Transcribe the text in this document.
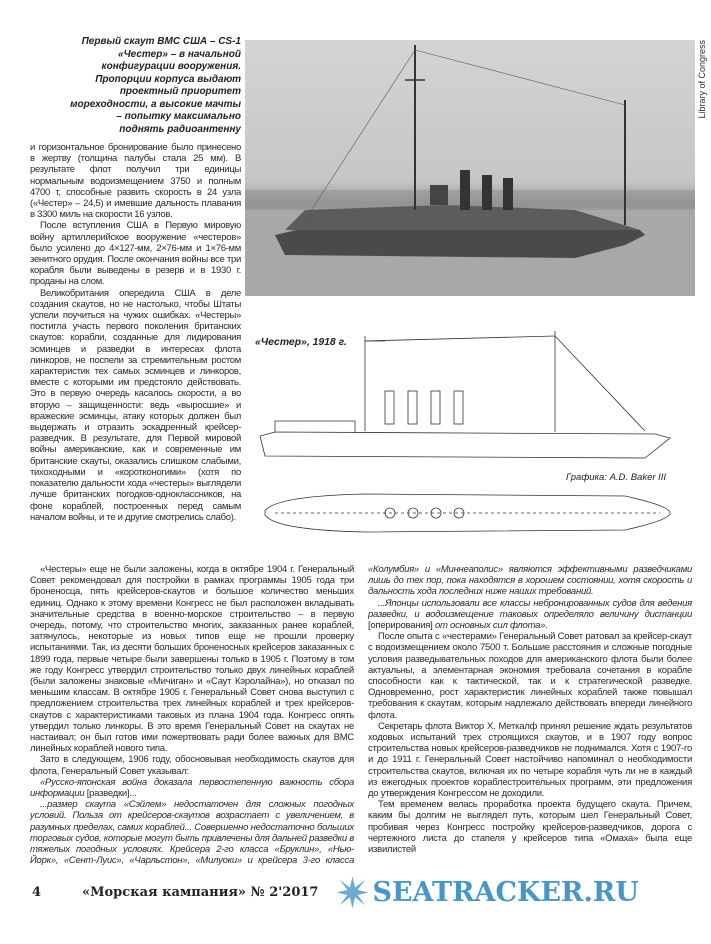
Первый скаут ВМС США – CS-1 «Честер» – в начальной конфигурации вооружения. Пропорции корпуса выдают проектный приоритет мореходности, а высокие мачты – попытку максимально поднять радиоантенну

и горизонтальное бронирование было принесено в жертву (толщина палубы стала 25 мм). В результате флот получил три единицы нормальным водоизмещением 3750 и полным 4700 т, способные развить скорость в 24 узла («Честер» – 24,5) и имевшие дальность плавания в 3300 миль на скорости 16 узлов.

После вступления США в Первую мировую войну артиллерийское вооружение «честеров» было усилено до 4×127-мм, 2×76-мм и 1×76-мм зенитного орудия. После окончания войны все три корабля были выведены в резерв и в 1930 г. проданы на слом.

Великобритания опередила США в деле создания скаутов, но не настолько, чтобы Штаты успели поучиться на чужих ошибках. «Честеры» постигла участь первого поколения британских скаутов: корабли, созданные для лидирования эсминцев и разведки в интересах флота линкоров, не поспели за стремительным ростом характеристик тех самых эсминцев и линкоров, вместе с которыми им предстояло действовать. Это в первую очередь касалось скорости, а во вторую – защищенности: ведь «выросшие» и вражеские эсминцы, атаку которых должен был выдержать и отразить эскадренный крейсер-разведчик. В результате, для Первой мировой войны американские, как и современные им британские скауты, оказались слишком слабыми, тихоходными и «коротконогими» (хотя по показателю дальности хода «честеры» выглядели лучше британских погодков-одноклассников, на фоне кораблей, построенных перед самым началом войны, и те и другие смотрелись слабо).

Library of Congress
«Честер», 1918 г.
Графика: A.D. Baker III

«Честеры» еще не были заложены, когда в октябре 1904 г. Генеральный Совет рекомендовал для постройки в рамках программы 1905 года три броненосца, пять крейсеров-скаутов и большое количество меньших единиц. Однако к этому времени Конгресс не был расположен вкладывать значительные средства в военно-морское строительство – в первую очередь, потому, что строительство многих, заказанных ранее кораблей, затянулось, некоторые из новых типов еще не прошли проверку испытаниями. Так, из десяти больших броненосных крейсеров заказанных с 1899 года, первые четыре были завершены только в 1905 г. Поэтому в том же году Конгресс утвердил строительство только двух линейных кораблей (были заложены знаковые «Мичиган» и «Саут Кэролайна»), но отказал по меньшим классам. В октябре 1905 г. Генеральный Совет снова выступил с предложением строительства трех линейных кораблей и трех крейсеров-скаутов с характеристиками таковых из плана 1904 года. Конгресс опять утвердил только линкоры. В это время Генеральный Совет на скаутах не настаивал; он был готов ими пожертвовать ради более важных для ВМС линейных кораблей нового типа.

Зато в следующем, 1906 году, обосновывая необходимость скаутов для флота, Генеральный Совет указывал:

«Русско-японская война доказала первостепенную важность сбора информации [разведки]...

...размер скаута «Сэйлем» недостаточен для сложных погодных условий. Польза от крейсеров-скаутов возрастает с увеличением, в разумных пределах, самих кораблей... Совершенно недостаточно больших торговых судов, которые могут быть привлечены для дальней разведки в тяжелых погодных условиях. Крейсера 2-го класса «Бруклин», «Нью-Йорк», «Сент-Луис», «Чарльстон», «Милуоки» и крейсера 3-го класса «Колумбия» и «Миннеаполис» являются эффективными разведчиками лишь до тех пор, пока находятся в хорошем состоянии, хотя скорость и дальность хода последних ниже наших требований.

...Японцы использовали все классы небронированных судов для ведения разведки, и водоизмещение таковых определяло величину дистанции [оперирования] от основных сил флота».

После опыта с «честерами» Генеральный Совет ратовал за крейсер-скаут с водоизмещением около 7500 т. Большие расстояния и сложные погодные условия разведывательных походов для американского флота были более актуальны, а элементарная экономия требовала сочетания в корабле способности как к тактической, так и к стратегической разведке. Одновременно, рост характеристик линейных кораблей также повышал требования к скаутам, которым надлежало действовать впереди линейного флота.

Секретарь флота Виктор Х. Меткалф принял решение ждать результатов ходовых испытаний трех строящихся скаутов, и в 1907 году вопрос строительства новых крейсеров-разведчиков не поднимался. Хотя с 1907-го и до 1911 г. Генеральный Совет настойчиво напоминал о необходимости строительства скаутов, включая их по четыре корабля чуть ли не в каждый из ежегодных проектов кораблестроительных программ, эти предложения до утверждения Конгрессом не доходили.

Тем временем велась проработка проекта будущего скаута. Причем, каким бы долгим не выглядел путь, которым шел Генеральный Совет, пробивая через Конгресс постройку крейсеров-разведчиков, дорога с чертежного листа до стапеля у крейсеров типа «Омаха» была еще извилистей

4	«Морская кампания» № 2'2017 SEATRACKER.RU
